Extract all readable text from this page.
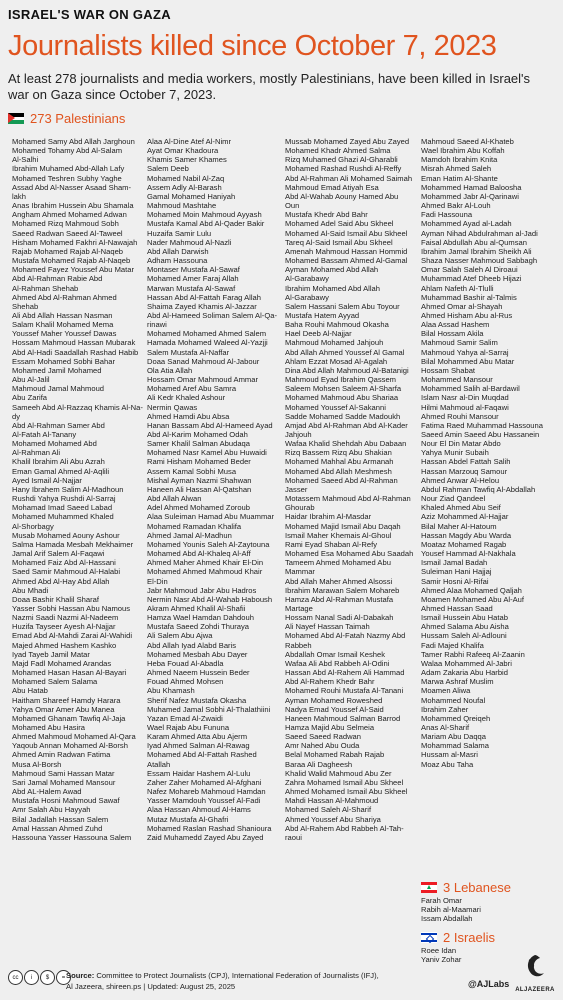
ISRAEL'S WAR ON GAZA
Journalists killed since October 7, 2023
At least 278 journalists and media workers, mostly Palestinians, have been killed in Israel's war on Gaza since October 7, 2023.
273 Palestinians
Mohamed Samy Abd Allah Jarghoun
Mohamed Tohamy Abd Al-Salam
Al-Salhi
Ibrahim Muhamed Abd-Allah Lafy
Mohamed Teshren Subhy Yaghe
Assad Abd Al-Nasser Asaad Sham-
lakh
Anas Ibrahim Hussein Abu Shamala
Angham Ahmed Mohamed Adwan
Mohamed Rizq Mahmoud Sobh
Saeed Radwan Saeed Al-Taweel
Hisham Mohamed Fakhri Al-Nawajah
Rajab Mohamed Rajab Al-Naqeb
Mustafa Mohamed Rajab Al-Naqeb
Mohamed Fayez Youssef Abu Matar
Abd Al-Rahman Rabie Abd
Al-Rahman Shehab
Ahmed Abd Al-Rahman Ahmed
Shehab
Ali Abd Allah Hassan Nasman
Salam Khalil Mohamed Mema
Youssef Maher Youssef Dawas
Hossam Mahmoud Hassan Mubarak
Abd Al-Hadi Saadallah Rashad Habib
Essam Mohamed Sobhi Bahar
Mohamed Jamil Mohamed
Abu Al-Jalil
Mahmoud Jamal Mahmoud
Abu Zarifa
Sameeh Abd Al-Razzaq Khamis Al-Na-
dy
Abd Al-Rahman Samer Abd
Al-Fatah Al-Tanany
Mohamed Mohamed Abd
Al-Rahman Ali
Khalil Ibrahim Ali Abu Azrah
Eman Gamal Ahmed Al-Aqlili
Ayed Ismail Al-Najjar
Hany Ibrahem Salim Al-Madhoun
Rushdi Yahya Rushdi Al-Sarraj
Mohamad Imad Saeed Labad
Mohamed Muhammed Khaled
Al-Shorbagy
Musab Mohamed Aouny Ashour
Salma Hamada Mesbah Mekhaimer
Jamal Arif Salem Al-Faqawi
Mohamed Faiz Abd Al-Hassani
Saed Samir Mahmoud Al-Halabi
Ahmed Abd Al-Hay Abd Allah
Abu Mhadi
Doaa Bashir Khalil Sharaf
Yasser Sobhi Hassan Abu Namous
Nazmi Saadi Nazmi Al-Nadeem
Huzifa Tayseer Ayesh Al-Najjar
Emad Abd Al-Mahdi Zarai Al-Wahidi
Majed Ahmed Hashem Kashko
Iyad Tayeb Jamil Matar
Majd Fadl Mohamed Arandas
Mohamed Hasan Hasan Al-Bayari
Mohamed Salem Salama
Abu Hatab
Haitham Shareef Hamdy Harara
Yahya Omar Amer Abu Manea
Mohamed Ghanam Tawfiq Al-Jaja
Mohamed Abu Hasira
Ahmed Mahmoud Mohamed Al-Qara
Yaqoub Annan Mohamed Al-Borsh
Ahmed Amin Radwan Fatima
Musa Al-Borsh
Mahmoud Sami Hassan Matar
Sari Jamal Mohamed Mansour
Abd AL-Halem Awad
Mustafa Hosni Mahmoud Sawaf
Amr Salah Abu Hayyah
Bilal Jadallah Hassan Salem
Amal Hassan Ahmed Zuhd
Hassouna Yasser Hassouna Salem
Alaa Al-Dine Atef Al-Nimr
Ayat Omar Khadoura
Khamis Samer Khames
Salem Deeb
Mohamed Nabil Al-Zaq
Assem Adly Al-Barash
Gamal Mohamed Haniyah
Mahmoud Mashtahe
Mohamed Moin Mahmoud Ayyash
Mustafa Kamal Abd Al-Qader Bakir
Huzaifa Samir Lulu
Nader Mahmoud Al-Nazli
Abd Allah Darwish
Adham Hassouna
Montaser Mustafa Al-Sawaf
Mohamed Amer Faraj Allah
Marwan Mustafa Al-Sawaf
Hassan Abd Al-Fattah Farag Allah
Shaima Zayed Khamis Al-Jazzar
Abd Al-Hameed Soliman Salem Al-Qa-
rinawi
Mohamed Mohamed Ahmed Salem
Hamada Mohamed Waleed Al-Yazjji
Salem Mustafa Al-Naffar
Doaa Sanad Mahmoud Al-Jabour
Ola Atia Allah
Hossam Omar Mahmoud Ammar
Mohamed Aref Abu Samra
Ali Kedr Khaled Ashour
Nermin Qawas
Ahmed Hamdi Abu Absa
Hanan Bassam Abd Al-Hameed Ayad
Abd Al-Karim Mohamed Odah
Samer Khalil Salman Abudaqa
Mohamed Nasr Kamel Abu Huwaidi
Rami Hisham Mohamed Beder
Assem Kamal Sobhi Musa
Mishal Ayman Nazmi Shahwan
Haneen Ali Hassan Al-Qatshan
Abd Allah Alwan
Adel Ahmed Mohamed Zoroub
Alaa Suleiman Hamad Abu Muammar
Mohamed Ramadan Khalifa
Ahmed Jamal Al-Madhun
Mohamed Younis Saleh Al-Zaytouna
Mohamed Abd Al-Khaleq Al-Aff
Ahmed Maher Ahmed Khair El-Din
Mohamed Ahmed Mahmoud Khair
El-Din
Jabr Mahmoud Jabr Abu Hadros
Nermin Nasr Abd Al-Wahab Haboush
Akram Ahmed Khalil Al-Shafii
Hamza Wael Hamdan Dahdouh
Mustafa Saeed Zohdi Thuraya
Ali Salem Abu Ajwa
Abd Allah Iyad Alabd Baris
Mohamed Mesbah Abu Dayer
Heba Fouad Al-Abadla
Ahmed Naeem Hussein Beder
Fouad Ahmed Mohsen
Abu Khamash
Sherif Nafez Mustafa Okasha
Muhamed Jamal Sobhi Al-Thalathiini
Yazan Emad Al-Zwaidi
Wael Rajab Abu Fununa
Karam Ahmed Atta Abu Ajerm
Iyad Ahmed Salman Al-Rawag
Mohamed Abd Al-Fattah Rashed
Atallah
Essam Haidar Hashem Al-Lulu
Zaher Zaher Mohamed Al-Afghani
Nafez Mohareb Mahmoud Hamdan
Yasser Mamdouh Youssef Al-Fadi
Alaa Hassan Ahmoud Al-Hams
Mutaz Mustafa Al-Ghafri
Mohamed Raslan Rashad Shanioura
Zaid Muhamedd Zayed Abu Zayed
Mussab Mohamed Zayed Abu Zayed
Mohamed Khadr Ahmed Salma
Rizq Muhamed Ghazi Al-Gharabli
Mohamed Rashad Rushdi Al-Reffy
Abd Al-Rahman Ali Mohamed Saimah
Mahmoud Emad Atiyah Esa
Abd Al-Wahab Aouny Hamed Abu
Oun
Mustafa Khedr Abd Bahr
Mohamed Adel Said Abu Skheel
Mohamed Al-Said Ismail Abu Skheel
Tareq Al-Said Ismail Abu Skheel
Amenah Mahmoud Hassan Hommid
Mohamed Bassam Ahmed Al-Gamal
Ayman Mohamed Abd Allah
Al-Garabawy
Ibrahim Mohamed Abd Allah
Al-Garabawy
Salem Hassani Salem Abu Toyour
Mustafa Hatem Ayyad
Baha Rouhi Mahmoud Okasha
Hael Deeb Al-Najjar
Mahmoud Mohamed Jahjouh
Abd Allah Ahmed Youssef Al Gamal
Ahlam Ezzat Mosad Al-Agalah
Dina Abd Allah Mahmoud Al-Batanigi
Mahmoud Eyad Ibrahim Qassem
Saleem Mohsen Saleem Al-Sharfa
Mohamed Mahmoud Abu Shariaa
Mohamed Youssef Al-Sakanni
Sadde Mohamed Sadde Madoukh
Amjad Abd Al-Rahman Abd Al-Kader
Jahjouh
Wafaa Khalid Shehdah Abu Dabaan
Rizq Bassem Rizq Abu Shakian
Mohamed Mahhal Abu Armanah
Mohamed Abd Allah Meshmesh
Mohamed Saeed Abd Al-Rahman
Jasser
Motassem Mahmoud Abd Al-Rahman
Ghourab
Haidar Ibrahim Al-Masdar
Mohamed Majid Ismail Abu Daqah
Ismail Maher Khemais Al-Ghoul
Rami Eyad Shaban Al-Refy
Mohamed Esa Mohamed Abu Saadah
Tameem Ahmed Mohamed Abu
Mammar
Abd Allah Maher Ahmed Alsossi
Ibrahim Marawan Salem Mohareb
Hamza Abd Al-Rahman Mustafa
Martage
Hossam Nanal Sadi Al-Dabakah
Ali Nayef Hassan Taimah
Mohamed Abd Al-Fatah Nazmy Abd
Rabbeh
Abdallah Omar Ismail Keshek
Wafaa Ali Abd Rabbeh Al-Odini
Hassan Abd Al-Rahem Ali Hammad
Abd Al-Rahem Khedr Bahr
Mohamed Rouhi Mustafa Al-Tanani
Ayman Mohamed Roweshed
Nadya Emad Youssef Al-Said
Haneen Mahmoud Salman Barrod
Hamza Majid Abu Selmeia
Saeed Saeed Radwan
Amr Nahed Abu Ouda
Belal Mohamed Rabah Rajab
Baraa Ali Dagheesh
Khalid Walid Mahmoud Abu Zer
Zahra Mohamed Ismail Abu Skheel
Ahmed Mohamed Ismail Abu Skheel
Mahdi Hassan Al-Mahmoud
Mohamed Saleh Al-Sharif
Ahmed Youssef Abu Shariya
Abd Al-Rahem Abd Rabbeh Al-Tah-
raoui
Mahmoud Saeed Al-Khateb
Wael Ibrahim Abu Koffah
Mamdoh Ibrahim Knita
Misrah Ahmed Saleh
Eman Hatim Al-Shante
Mohammed Hamad Baloosha
Mohammed Jabr Al-Qarinawi
Ahmed Bakr Al-Louh
Fadi Hassouna
Mohammed Ayad al-Ladah
Ayman Nihad Abdulrahman al-Jadi
Faisal Abdullah Abu al-Qumsan
Ibrahim Jamal Ibrahim Sheikh Ali
Shaza Nasser Mahmoud Sabbagh
Omar Salah Saleh Al Diroaui
Muhammad Atef Dheeb Hijazi
Ahlam Nafeth Al-Tlulli
Muhammad Bashir al-Talmis
Ahmed Omar al-Shayah
Ahmed Hisham Abu al-Rus
Alaa Assad Hashem
Bilal Hossam Akila
Mahmoud Samir Salim
Mahmoud Yahya al-Sarraj
Bilal Mohammed Abu Matar
Hossam Shabat
Mohammed Mansour
Mohammed Salih al-Bardawil
Islam Nasr al-Din Muqdad
Hilmi Mahmoud al-Faqawi
Ahmed Rouhi Mansour
Fatima Raed Muhammad Hassouna
Saeed Amin Saeed Abu Hassanein
Nour El Din Matar Abdo
Yahya Munir Subaih
Hassan Abdel Fattah Salih
Hassan Marzouq Samour
Ahmed Anwar Al-Helou
Abdul Rahman Tawfiq Al-Abdallah
Nour Ziad Qandeel
Khaled Ahmed Abu Seif
Aziz Mohammed Al-Hajjar
Bilal Maher Al-Hatoum
Hassan Magdy Abu Warda
Moataz Mohamed Ragab
Yousef Hammad Al-Nakhala
Ismail Jamal Badah
Suleiman Hani Hajjaj
Samir Hosni Al-Rifai
Ahmed Alaa Mohamed Qaljah
Moamen Mohamed Abu Al-Auf
Ahmed Hassan Saad
Ismail Hussein Abu Hatab
Ahmed Salama Abu Aisha
Hussam Saleh Al-Adlouni
Fadi Majed Khalifa
Tamer Rabhi Rafeeq Al-Zaanin
Walaa Mohammed Al-Jabri
Adam Zakaria Abu Harbid
Marwa Ashraf Muslim
Moamen Aliwa
Mohammed Noufal
Ibrahim Zaher
Mohammed Qreiqeh
Anas Al-Sharif
Mariam Abu Daqqa
Mohammad Salama
Hussam al-Masri
Moaz Abu Taha
3 Lebanese
Farah Omar
Rabih al-Maamari
Issam Abdallah
2 Israelis
Roee Idan
Yaniv Zohar
cc	i	$	= Source: Committee to Protect Journalists (CPJ), International Federation of Journalists (IFJ),
Al Jazeera, shireen.ps | Updated: August 25, 2025	@AJLabs
ALJAZEERA
